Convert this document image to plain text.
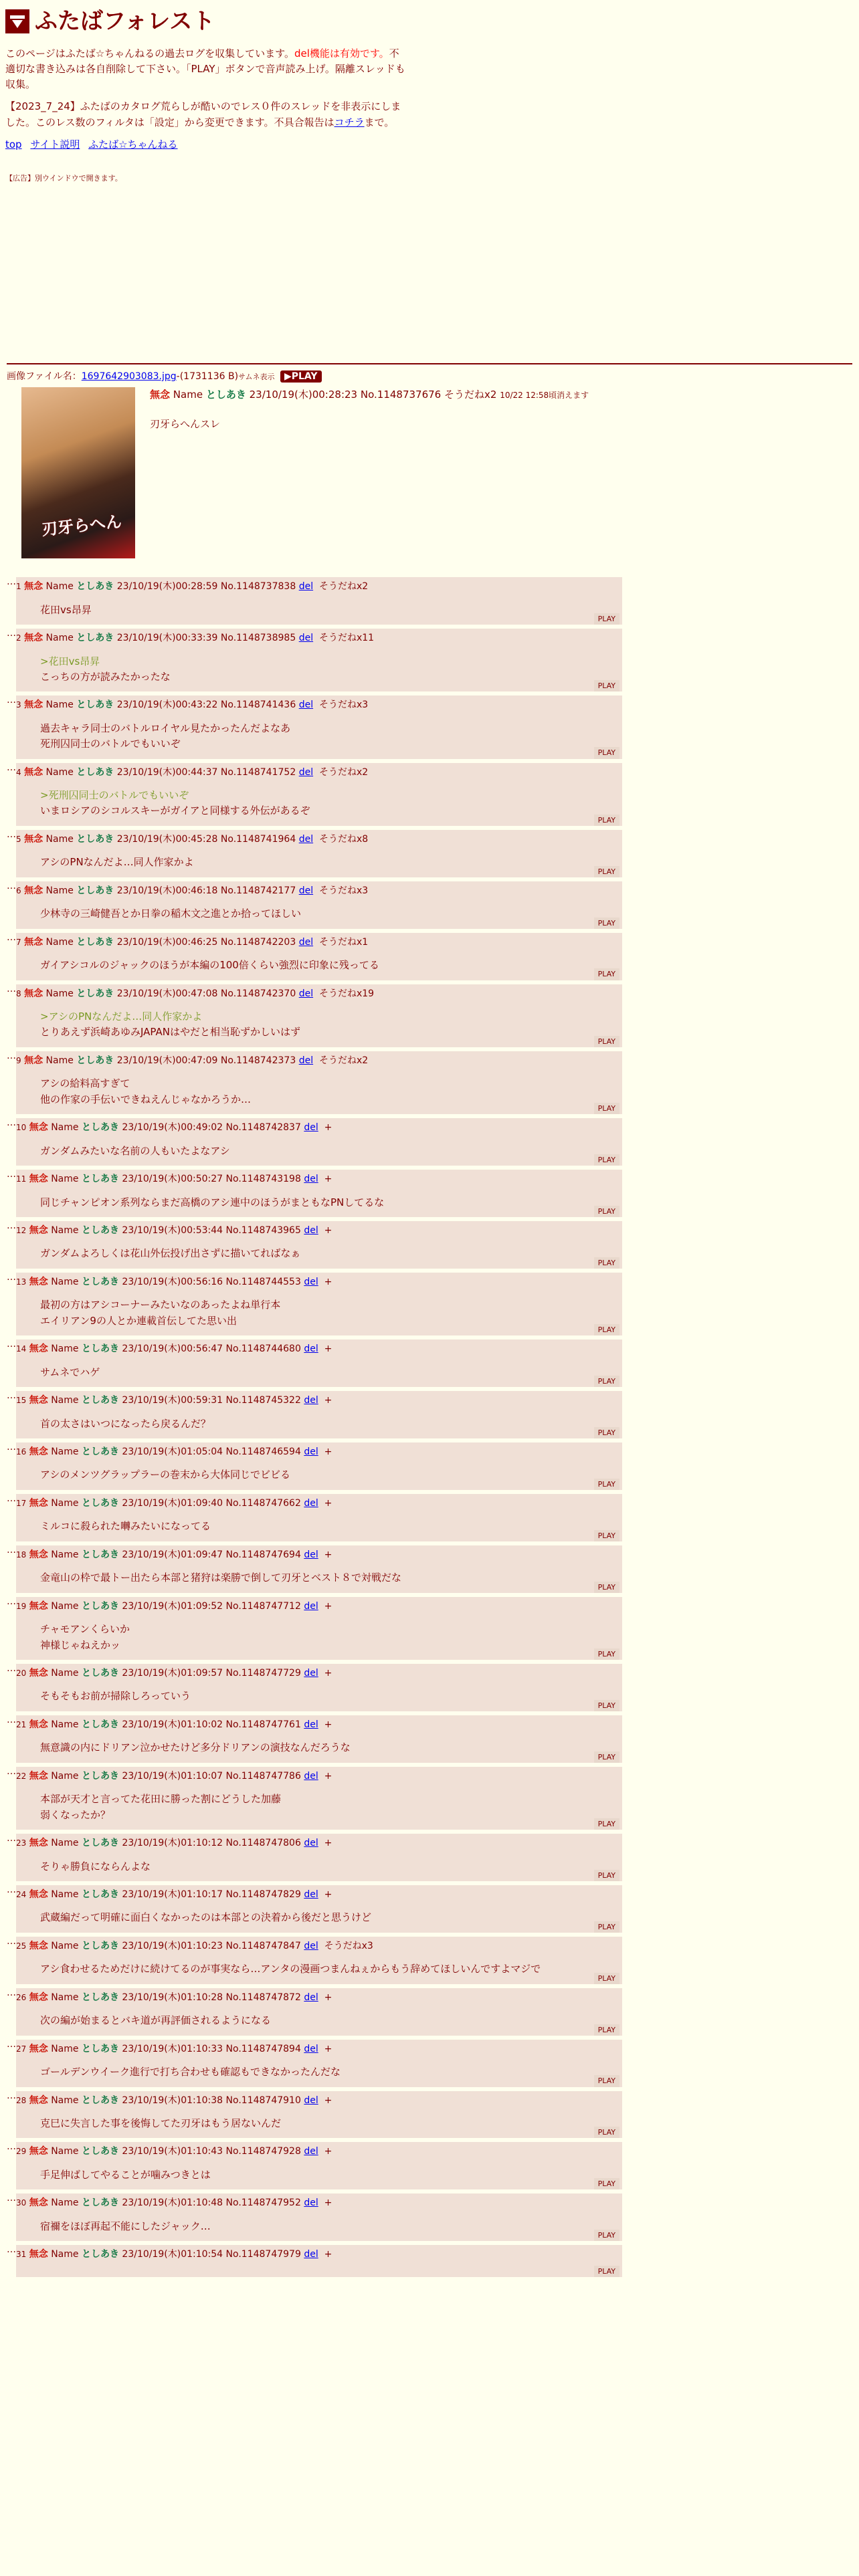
ふたばフォレスト
このページはふたば☆ちゃんねるの過去ログを収集しています。del機能は有効です。不適切な書き込みは各自削除して下さい。「PLAY」ボタンで音声読み上げ。隔離スレッドも収集。
【2023_7_24】ふたばのカタログ荒らしが酷いのでレス０件のスレッドを非表示にしました。このレス数のフィルタは「設定」から変更できます。不具合報告はコチラまで。
top サイト説明 ふたば☆ちゃんねる
【広告】別ウインドウで開きます。
画像ファイル名：1697642903083.jpg-(1731136 B)サムネ表示 ▶PLAY
刃牙らへん
無念 Name としあき 23/10/19(木)00:28:23 No.1148737676 そうだねx2 10/22 12:58頃消えます
刃牙らへんスレ
… 1 無念 Name としあき 23/10/19(木)00:28:59 No.1148737838 del そうだねx2
花田vs昂昇
PLAY
… 2 無念 Name としあき 23/10/19(木)00:33:39 No.1148738985 del そうだねx11
>花田vs昂昇
こっちの方が読みたかったな
PLAY
… 3 無念 Name としあき 23/10/19(木)00:43:22 No.1148741436 del そうだねx3
過去キャラ同士のバトルロイヤル見たかったんだよなあ
死刑囚同士のバトルでもいいぞ
PLAY
… 4 無念 Name としあき 23/10/19(木)00:44:37 No.1148741752 del そうだねx2
>死刑囚同士のバトルでもいいぞ
いまロシアのシコルスキーがガイアと同様する外伝があるぞ
PLAY
… 5 無念 Name としあき 23/10/19(木)00:45:28 No.1148741964 del そうだねx8
アシのPNなんだよ…同人作家かよ
PLAY
… 6 無念 Name としあき 23/10/19(木)00:46:18 No.1148742177 del そうだねx3
少林寺の三崎健吾とか日拳の稲木文之進とか拾ってほしい
PLAY
… 7 無念 Name としあき 23/10/19(木)00:46:25 No.1148742203 del そうだねx1
ガイアシコルのジャックのほうが本編の100倍くらい強烈に印象に残ってる
PLAY
… 8 無念 Name としあき 23/10/19(木)00:47:08 No.1148742370 del そうだねx19
>アシのPNなんだよ…同人作家かよ
とりあえず浜崎あゆみJAPANはやだと相当恥ずかしいはず
PLAY
… 9 無念 Name としあき 23/10/19(木)00:47:09 No.1148742373 del そうだねx2
アシの給料高すぎて
他の作家の手伝いできねえんじゃなかろうか…
PLAY
… 10 無念 Name としあき 23/10/19(木)00:49:02 No.1148742837 del +
ガンダムみたいな名前の人もいたよなアシ
PLAY
… 11 無念 Name としあき 23/10/19(木)00:50:27 No.1148743198 del +
同じチャンピオン系列ならまだ高橋のアシ連中のほうがまともなPNしてるな
PLAY
… 12 無念 Name としあき 23/10/19(木)00:53:44 No.1148743965 del +
ガンダムよろしくは花山外伝投げ出さずに描いてればなぁ
PLAY
… 13 無念 Name としあき 23/10/19(木)00:56:16 No.1148744553 del +
最初の方はアシコーナーみたいなのあったよね単行本
エイリアン9の人とか連載首伝してた思い出
PLAY
… 14 無念 Name としあき 23/10/19(木)00:56:47 No.1148744680 del +
サムネでハゲ
PLAY
… 15 無念 Name としあき 23/10/19(木)00:59:31 No.1148745322 del +
首の太さはいつになったら戻るんだ？
PLAY
… 16 無念 Name としあき 23/10/19(木)01:05:04 No.1148746594 del +
アシのメンツグラップラーの巻末から大体同じでビビる
PLAY
… 17 無念 Name としあき 23/10/19(木)01:09:40 No.1148747662 del +
ミルコに殺られた囀みたいになってる
PLAY
… 18 無念 Name としあき 23/10/19(木)01:09:47 No.1148747694 del +
金竜山の枠で最トー出たら本部と猪狩は楽勝で倒して刃牙とベスト８で対戦だな
PLAY
… 19 無念 Name としあき 23/10/19(木)01:09:52 No.1148747712 del +
チャモアンくらいか
神様じゃねえかッ
PLAY
… 20 無念 Name としあき 23/10/19(木)01:09:57 No.1148747729 del +
そもそもお前が掃除しろっていう
PLAY
… 21 無念 Name としあき 23/10/19(木)01:10:02 No.1148747761 del +
無意識の内にドリアン泣かせたけど多分ドリアンの演技なんだろうな
PLAY
… 22 無念 Name としあき 23/10/19(木)01:10:07 No.1148747786 del +
本部が天才と言ってた花田に勝った割にどうした加藤
弱くなったか？
PLAY
… 23 無念 Name としあき 23/10/19(木)01:10:12 No.1148747806 del +
そりゃ勝負にならんよな
PLAY
… 24 無念 Name としあき 23/10/19(木)01:10:17 No.1148747829 del +
武蔵編だって明確に面白くなかったのは本部との決着から後だと思うけど
PLAY
… 25 無念 Name としあき 23/10/19(木)01:10:23 No.1148747847 del そうだねx3
アシ食わせるためだけに続けてるのが事実なら…アンタの漫画つまんねぇからもう辞めてほしいんですよマジで
PLAY
… 26 無念 Name としあき 23/10/19(木)01:10:28 No.1148747872 del +
次の編が始まるとバキ道が再評価されるようになる
PLAY
… 27 無念 Name としあき 23/10/19(木)01:10:33 No.1148747894 del +
ゴールデンウイーク進行で打ち合わせも確認もできなかったんだな
PLAY
… 28 無念 Name としあき 23/10/19(木)01:10:38 No.1148747910 del +
克巳に失言した事を後悔してた刃牙はもう居ないんだ
PLAY
… 29 無念 Name としあき 23/10/19(木)01:10:43 No.1148747928 del +
手足伸ばしてやることが噛みつきとは
PLAY
… 30 無念 Name としあき 23/10/19(木)01:10:48 No.1148747952 del +
宿禰をほぼ再起不能にしたジャック…
PLAY
… 31 無念 Name としあき 23/10/19(木)01:10:54 No.1148747979 del +
PLAY
